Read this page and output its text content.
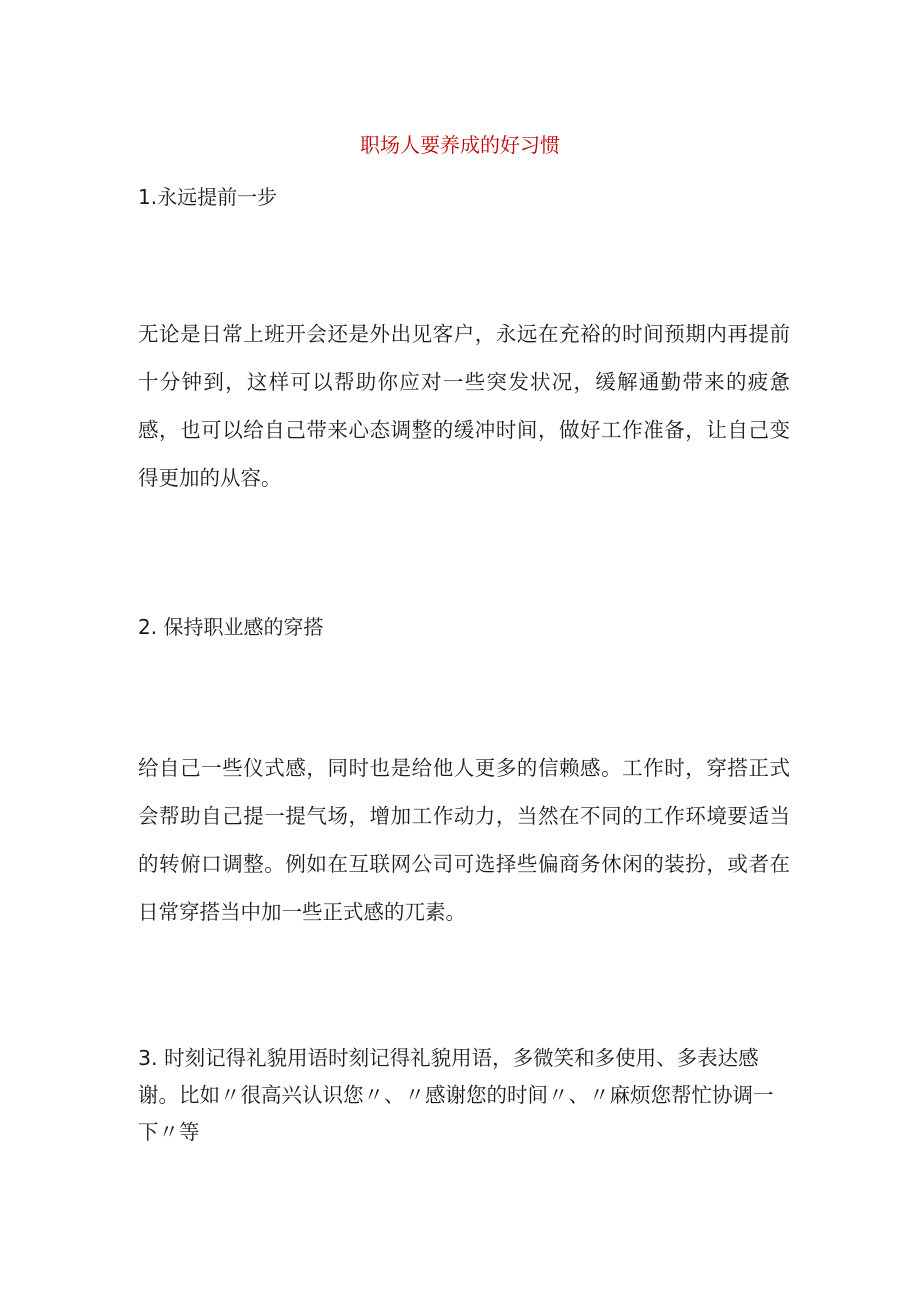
职场人要养成的好习惯
1.永远提前一步
无论是日常上班开会还是外出见客户，永远在充裕的时间预期内再提前十分钟到，这样可以帮助你应对一些突发状况，缓解通勤带来的疲惫感，也可以给自己带来心态调整的缓冲时间，做好工作准备，让自己变得更加的从容。
2. 保持职业感的穿搭
给自己一些仪式感，同时也是给他人更多的信赖感。工作时，穿搭正式会帮助自己提一提气场，增加工作动力，当然在不同的工作环境要适当的转俯口调整。例如在互联网公司可选择些偏商务休闲的装扮，或者在日常穿搭当中加一些正式感的兀素。
3. 时刻记得礼貌用语时刻记得礼貌用语，多微笑和多使用、多表达感谢。比如〃很高兴认识您〃、〃感谢您的时间〃、〃麻烦您帮忙协调一下〃等
